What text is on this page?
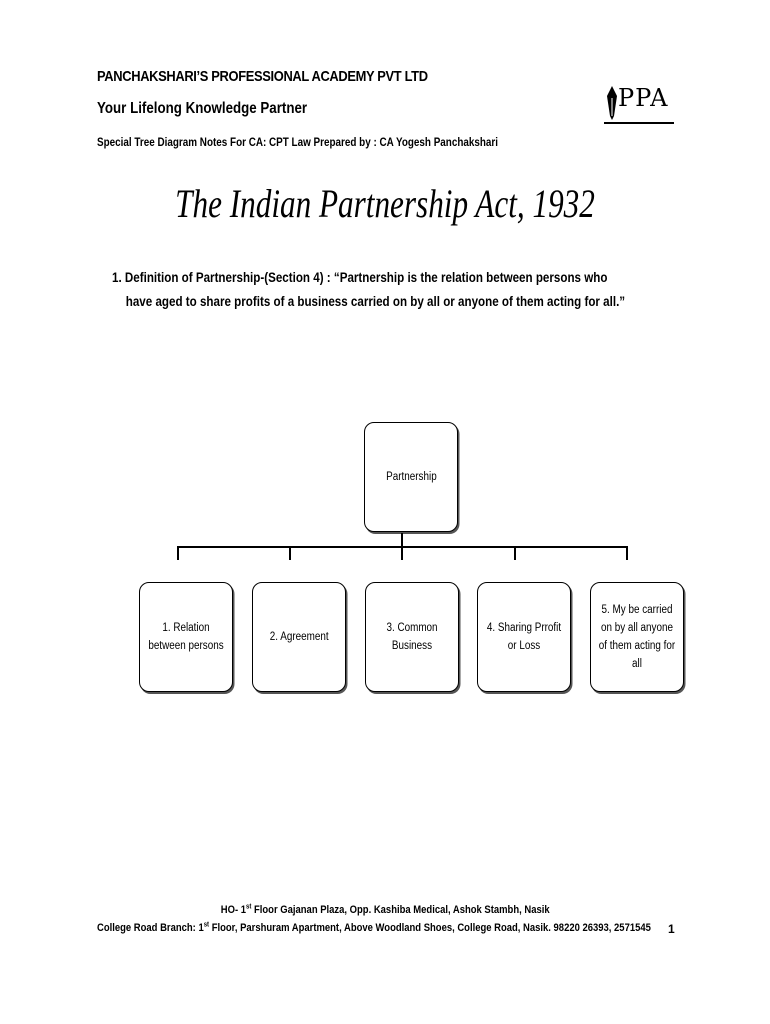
PANCHAKSHARI’S PROFESSIONAL ACADEMY PVT LTD
Your Lifelong Knowledge Partner
Special Tree Diagram Notes For CA: CPT Law Prepared by : CA Yogesh Panchakshari
PPA
The Indian Partnership Act, 1932
1. Definition of Partnership-(Section 4) : “Partnership is the relation between persons who
have aged to share profits of a business carried on by all or anyone of them acting for all.”
Partnership
1. Relation between persons
2. Agreement
3. Common Business
4. Sharing Prrofit or Loss
5. My be carried on by all anyone of them acting for all
HO- 1st Floor Gajanan Plaza, Opp. Kashiba Medical, Ashok Stambh, Nasik
College Road Branch: 1st Floor, Parshuram Apartment, Above Woodland Shoes, College Road, Nasik. 98220 26393, 2571545 1
